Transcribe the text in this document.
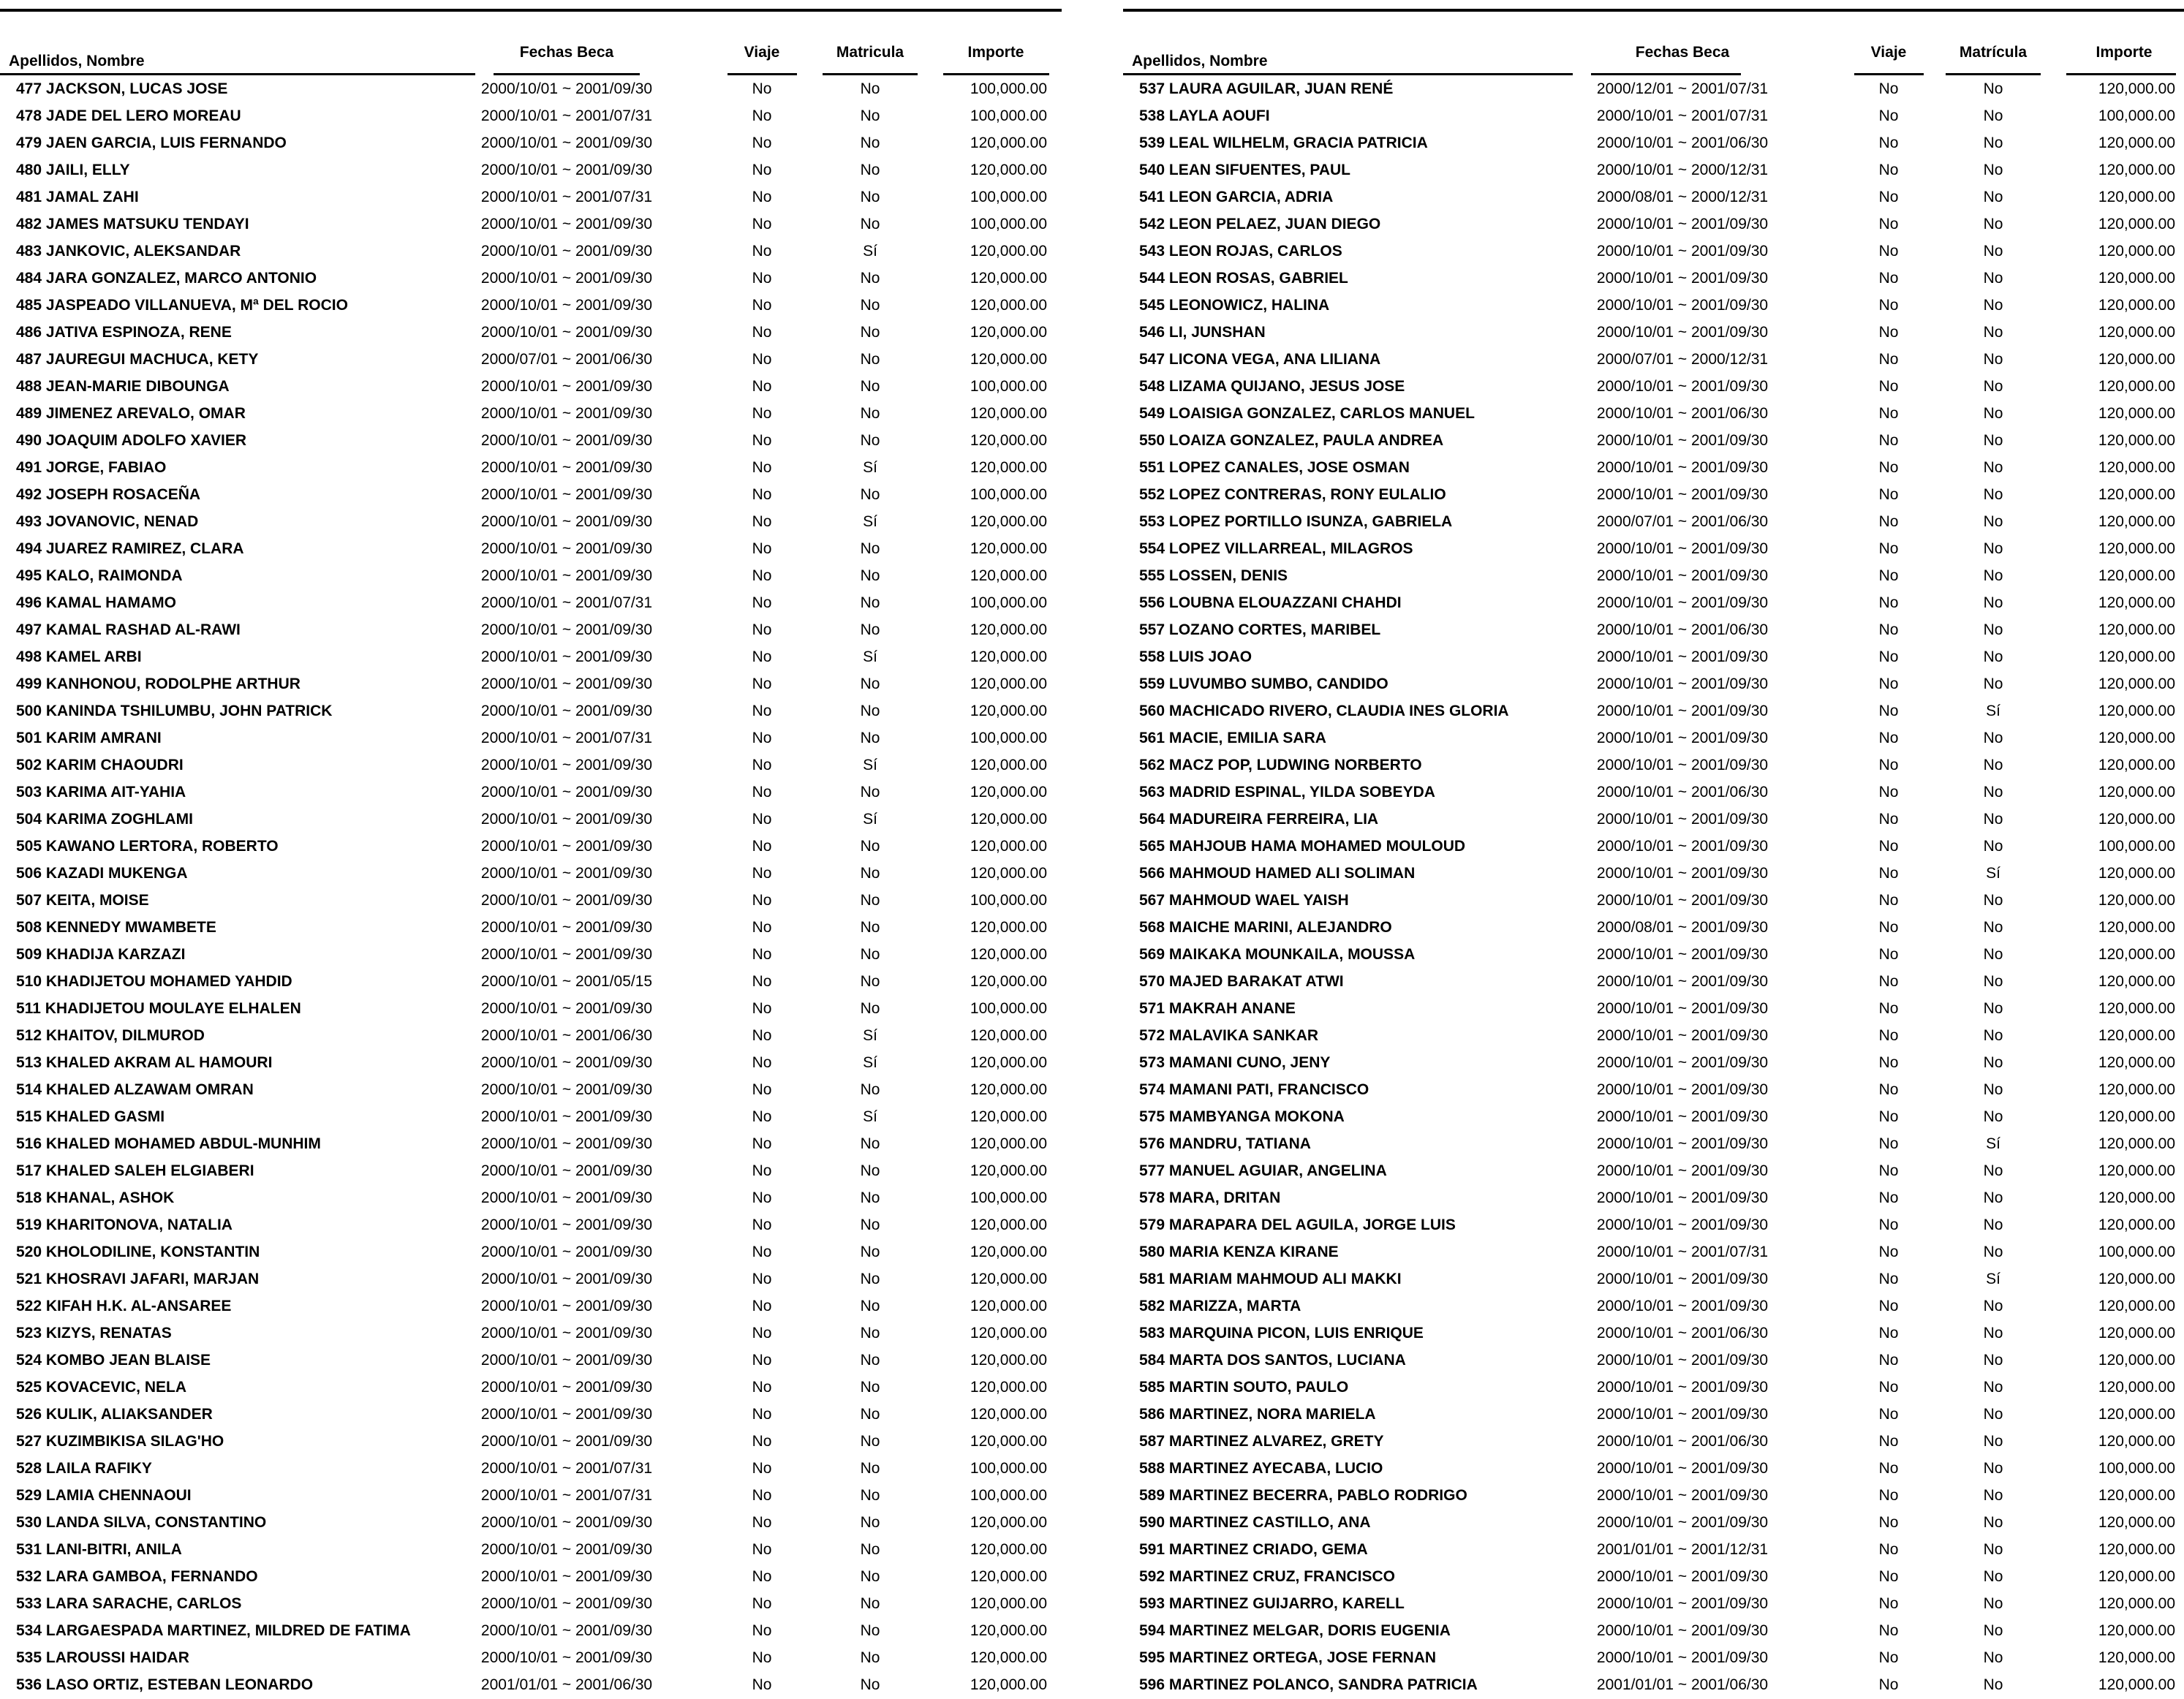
Apellidos, Nombre
Fechas Beca	Viaje	Matricula	Importe
477 JACKSON, LUCAS JOSE	2000/10/01 ~ 2001/09/30	No	No	100,000.00
478 JADE DEL LERO MOREAU	2000/10/01 ~ 2001/07/31	No	No	100,000.00
479 JAEN GARCIA, LUIS FERNANDO	2000/10/01 ~ 2001/09/30	No	No	120,000.00
480 JAILI, ELLY	2000/10/01 ~ 2001/09/30	No	No	120,000.00
481 JAMAL ZAHI	2000/10/01 ~ 2001/07/31	No	No	100,000.00
482 JAMES MATSUKU TENDAYI	2000/10/01 ~ 2001/09/30	No	No	100,000.00
483 JANKOVIC, ALEKSANDAR	2000/10/01 ~ 2001/09/30	No	Sí	120,000.00
484 JARA GONZALEZ, MARCO ANTONIO	2000/10/01 ~ 2001/09/30	No	No	120,000.00
485 JASPEADO VILLANUEVA, Mª DEL ROCIO	2000/10/01 ~ 2001/09/30	No	No	120,000.00
486 JATIVA ESPINOZA, RENE	2000/10/01 ~ 2001/09/30	No	No	120,000.00
487 JAUREGUI MACHUCA, KETY	2000/07/01 ~ 2001/06/30	No	No	120,000.00
488 JEAN-MARIE DIBOUNGA	2000/10/01 ~ 2001/09/30	No	No	100,000.00
489 JIMENEZ AREVALO, OMAR	2000/10/01 ~ 2001/09/30	No	No	120,000.00
490 JOAQUIM ADOLFO XAVIER	2000/10/01 ~ 2001/09/30	No	No	120,000.00
491 JORGE, FABIAO	2000/10/01 ~ 2001/09/30	No	Sí	120,000.00
492 JOSEPH ROSACEÑA	2000/10/01 ~ 2001/09/30	No	No	100,000.00
493 JOVANOVIC, NENAD	2000/10/01 ~ 2001/09/30	No	Sí	120,000.00
494 JUAREZ RAMIREZ, CLARA	2000/10/01 ~ 2001/09/30	No	No	120,000.00
495 KALO, RAIMONDA	2000/10/01 ~ 2001/09/30	No	No	120,000.00
496 KAMAL HAMAMO	2000/10/01 ~ 2001/07/31	No	No	100,000.00
497 KAMAL RASHAD AL-RAWI	2000/10/01 ~ 2001/09/30	No	No	120,000.00
498 KAMEL ARBI	2000/10/01 ~ 2001/09/30	No	Sí	120,000.00
499 KANHONOU, RODOLPHE ARTHUR	2000/10/01 ~ 2001/09/30	No	No	120,000.00
500 KANINDA TSHILUMBU, JOHN PATRICK	2000/10/01 ~ 2001/09/30	No	No	120,000.00
501 KARIM AMRANI	2000/10/01 ~ 2001/07/31	No	No	100,000.00
502 KARIM CHAOUDRI	2000/10/01 ~ 2001/09/30	No	Sí	120,000.00
503 KARIMA AIT-YAHIA	2000/10/01 ~ 2001/09/30	No	No	120,000.00
504 KARIMA ZOGHLAMI	2000/10/01 ~ 2001/09/30	No	Sí	120,000.00
505 KAWANO LERTORA, ROBERTO	2000/10/01 ~ 2001/09/30	No	No	120,000.00
506 KAZADI MUKENGA	2000/10/01 ~ 2001/09/30	No	No	120,000.00
507 KEITA, MOISE	2000/10/01 ~ 2001/09/30	No	No	100,000.00
508 KENNEDY MWAMBETE	2000/10/01 ~ 2001/09/30	No	No	120,000.00
509 KHADIJA KARZAZI	2000/10/01 ~ 2001/09/30	No	No	120,000.00
510 KHADIJETOU MOHAMED YAHDID	2000/10/01 ~ 2001/05/15	No	No	120,000.00
511 KHADIJETOU MOULAYE ELHALEN	2000/10/01 ~ 2001/09/30	No	No	100,000.00
512 KHAITOV, DILMUROD	2000/10/01 ~ 2001/06/30	No	Sí	120,000.00
513 KHALED AKRAM AL HAMOURI	2000/10/01 ~ 2001/09/30	No	Sí	120,000.00
514 KHALED ALZAWAM OMRAN	2000/10/01 ~ 2001/09/30	No	No	120,000.00
515 KHALED GASMI	2000/10/01 ~ 2001/09/30	No	Sí	120,000.00
516 KHALED MOHAMED ABDUL-MUNHIM	2000/10/01 ~ 2001/09/30	No	No	120,000.00
517 KHALED SALEH ELGIABERI	2000/10/01 ~ 2001/09/30	No	No	120,000.00
518 KHANAL, ASHOK	2000/10/01 ~ 2001/09/30	No	No	100,000.00
519 KHARITONOVA, NATALIA	2000/10/01 ~ 2001/09/30	No	No	120,000.00
520 KHOLODILINE, KONSTANTIN	2000/10/01 ~ 2001/09/30	No	No	120,000.00
521 KHOSRAVI JAFARI, MARJAN	2000/10/01 ~ 2001/09/30	No	No	120,000.00
522 KIFAH H.K. AL-ANSAREE	2000/10/01 ~ 2001/09/30	No	No	120,000.00
523 KIZYS, RENATAS	2000/10/01 ~ 2001/09/30	No	No	120,000.00
524 KOMBO JEAN BLAISE	2000/10/01 ~ 2001/09/30	No	No	120,000.00
525 KOVACEVIC, NELA	2000/10/01 ~ 2001/09/30	No	No	120,000.00
526 KULIK, ALIAKSANDER	2000/10/01 ~ 2001/09/30	No	No	120,000.00
527 KUZIMBIKISA SILAG'HO	2000/10/01 ~ 2001/09/30	No	No	120,000.00
528 LAILA RAFIKY	2000/10/01 ~ 2001/07/31	No	No	100,000.00
529 LAMIA CHENNAOUI	2000/10/01 ~ 2001/07/31	No	No	100,000.00
530 LANDA SILVA, CONSTANTINO	2000/10/01 ~ 2001/09/30	No	No	120,000.00
531 LANI-BITRI, ANILA	2000/10/01 ~ 2001/09/30	No	No	120,000.00
532 LARA GAMBOA, FERNANDO	2000/10/01 ~ 2001/09/30	No	No	120,000.00
533 LARA SARACHE, CARLOS	2000/10/01 ~ 2001/09/30	No	No	120,000.00
534 LARGAESPADA MARTINEZ, MILDRED DE FATIMA	2000/10/01 ~ 2001/09/30	No	No	120,000.00
535 LAROUSSI HAIDAR	2000/10/01 ~ 2001/09/30	No	No	120,000.00
536 LASO ORTIZ, ESTEBAN LEONARDO	2001/01/01 ~ 2001/06/30	No	No	120,000.00
Apellidos, Nombre
Fechas Beca	Viaje	Matrícula	Importe
537 LAURA AGUILAR, JUAN RENÉ	2000/12/01 ~ 2001/07/31	No	No	120,000.00
538 LAYLA AOUFI	2000/10/01 ~ 2001/07/31	No	No	100,000.00
539 LEAL WILHELM, GRACIA PATRICIA	2000/10/01 ~ 2001/06/30	No	No	120,000.00
540 LEAN SIFUENTES, PAUL	2000/10/01 ~ 2000/12/31	No	No	120,000.00
541 LEON GARCIA, ADRIA	2000/08/01 ~ 2000/12/31	No	No	120,000.00
542 LEON PELAEZ, JUAN DIEGO	2000/10/01 ~ 2001/09/30	No	No	120,000.00
543 LEON ROJAS, CARLOS	2000/10/01 ~ 2001/09/30	No	No	120,000.00
544 LEON ROSAS, GABRIEL	2000/10/01 ~ 2001/09/30	No	No	120,000.00
545 LEONOWICZ, HALINA	2000/10/01 ~ 2001/09/30	No	No	120,000.00
546 LI, JUNSHAN	2000/10/01 ~ 2001/09/30	No	No	120,000.00
547 LICONA VEGA, ANA LILIANA	2000/07/01 ~ 2000/12/31	No	No	120,000.00
548 LIZAMA QUIJANO, JESUS JOSE	2000/10/01 ~ 2001/09/30	No	No	120,000.00
549 LOAISIGA GONZALEZ, CARLOS MANUEL	2000/10/01 ~ 2001/06/30	No	No	120,000.00
550 LOAIZA GONZALEZ, PAULA ANDREA	2000/10/01 ~ 2001/09/30	No	No	120,000.00
551 LOPEZ CANALES, JOSE OSMAN	2000/10/01 ~ 2001/09/30	No	No	120,000.00
552 LOPEZ CONTRERAS, RONY EULALIO	2000/10/01 ~ 2001/09/30	No	No	120,000.00
553 LOPEZ PORTILLO ISUNZA, GABRIELA	2000/07/01 ~ 2001/06/30	No	No	120,000.00
554 LOPEZ VILLARREAL, MILAGROS	2000/10/01 ~ 2001/09/30	No	No	120,000.00
555 LOSSEN, DENIS	2000/10/01 ~ 2001/09/30	No	No	120,000.00
556 LOUBNA ELOUAZZANI CHAHDI	2000/10/01 ~ 2001/09/30	No	No	120,000.00
557 LOZANO CORTES, MARIBEL	2000/10/01 ~ 2001/06/30	No	No	120,000.00
558 LUIS JOAO	2000/10/01 ~ 2001/09/30	No	No	120,000.00
559 LUVUMBO SUMBO, CANDIDO	2000/10/01 ~ 2001/09/30	No	No	120,000.00
560 MACHICADO RIVERO, CLAUDIA INES GLORIA	2000/10/01 ~ 2001/09/30	No	Sí	120,000.00
561 MACIE, EMILIA SARA	2000/10/01 ~ 2001/09/30	No	No	120,000.00
562 MACZ POP, LUDWING NORBERTO	2000/10/01 ~ 2001/09/30	No	No	120,000.00
563 MADRID ESPINAL, YILDA SOBEYDA	2000/10/01 ~ 2001/06/30	No	No	120,000.00
564 MADUREIRA FERREIRA, LIA	2000/10/01 ~ 2001/09/30	No	No	120,000.00
565 MAHJOUB HAMA MOHAMED MOULOUD	2000/10/01 ~ 2001/09/30	No	No	100,000.00
566 MAHMOUD HAMED ALI SOLIMAN	2000/10/01 ~ 2001/09/30	No	Sí	120,000.00
567 MAHMOUD WAEL YAISH	2000/10/01 ~ 2001/09/30	No	No	120,000.00
568 MAICHE MARINI, ALEJANDRO	2000/08/01 ~ 2001/09/30	No	No	120,000.00
569 MAIKAKA MOUNKAILA, MOUSSA	2000/10/01 ~ 2001/09/30	No	No	120,000.00
570 MAJED BARAKAT ATWI	2000/10/01 ~ 2001/09/30	No	No	120,000.00
571 MAKRAH ANANE	2000/10/01 ~ 2001/09/30	No	No	120,000.00
572 MALAVIKA SANKAR	2000/10/01 ~ 2001/09/30	No	No	120,000.00
573 MAMANI CUNO, JENY	2000/10/01 ~ 2001/09/30	No	No	120,000.00
574 MAMANI PATI, FRANCISCO	2000/10/01 ~ 2001/09/30	No	No	120,000.00
575 MAMBYANGA MOKONA	2000/10/01 ~ 2001/09/30	No	No	120,000.00
576 MANDRU, TATIANA	2000/10/01 ~ 2001/09/30	No	Sí	120,000.00
577 MANUEL AGUIAR, ANGELINA	2000/10/01 ~ 2001/09/30	No	No	120,000.00
578 MARA, DRITAN	2000/10/01 ~ 2001/09/30	No	No	120,000.00
579 MARAPARA DEL AGUILA, JORGE LUIS	2000/10/01 ~ 2001/09/30	No	No	120,000.00
580 MARIA KENZA KIRANE	2000/10/01 ~ 2001/07/31	No	No	100,000.00
581 MARIAM MAHMOUD ALI MAKKI	2000/10/01 ~ 2001/09/30	No	Sí	120,000.00
582 MARIZZA, MARTA	2000/10/01 ~ 2001/09/30	No	No	120,000.00
583 MARQUINA PICON, LUIS ENRIQUE	2000/10/01 ~ 2001/06/30	No	No	120,000.00
584 MARTA DOS SANTOS, LUCIANA	2000/10/01 ~ 2001/09/30	No	No	120,000.00
585 MARTIN SOUTO, PAULO	2000/10/01 ~ 2001/09/30	No	No	120,000.00
586 MARTINEZ, NORA MARIELA	2000/10/01 ~ 2001/09/30	No	No	120,000.00
587 MARTINEZ ALVAREZ, GRETY	2000/10/01 ~ 2001/06/30	No	No	120,000.00
588 MARTINEZ AYECABA, LUCIO	2000/10/01 ~ 2001/09/30	No	No	100,000.00
589 MARTINEZ BECERRA, PABLO RODRIGO	2000/10/01 ~ 2001/09/30	No	No	120,000.00
590 MARTINEZ CASTILLO, ANA	2000/10/01 ~ 2001/09/30	No	No	120,000.00
591 MARTINEZ CRIADO, GEMA	2001/01/01 ~ 2001/12/31	No	No	120,000.00
592 MARTINEZ CRUZ, FRANCISCO	2000/10/01 ~ 2001/09/30	No	No	120,000.00
593 MARTINEZ GUIJARRO, KARELL	2000/10/01 ~ 2001/09/30	No	No	120,000.00
594 MARTINEZ MELGAR, DORIS EUGENIA	2000/10/01 ~ 2001/09/30	No	No	120,000.00
595 MARTINEZ ORTEGA, JOSE FERNAN	2000/10/01 ~ 2001/09/30	No	No	120,000.00
596 MARTINEZ POLANCO, SANDRA PATRICIA	2001/01/01 ~ 2001/06/30	No	No	120,000.00
